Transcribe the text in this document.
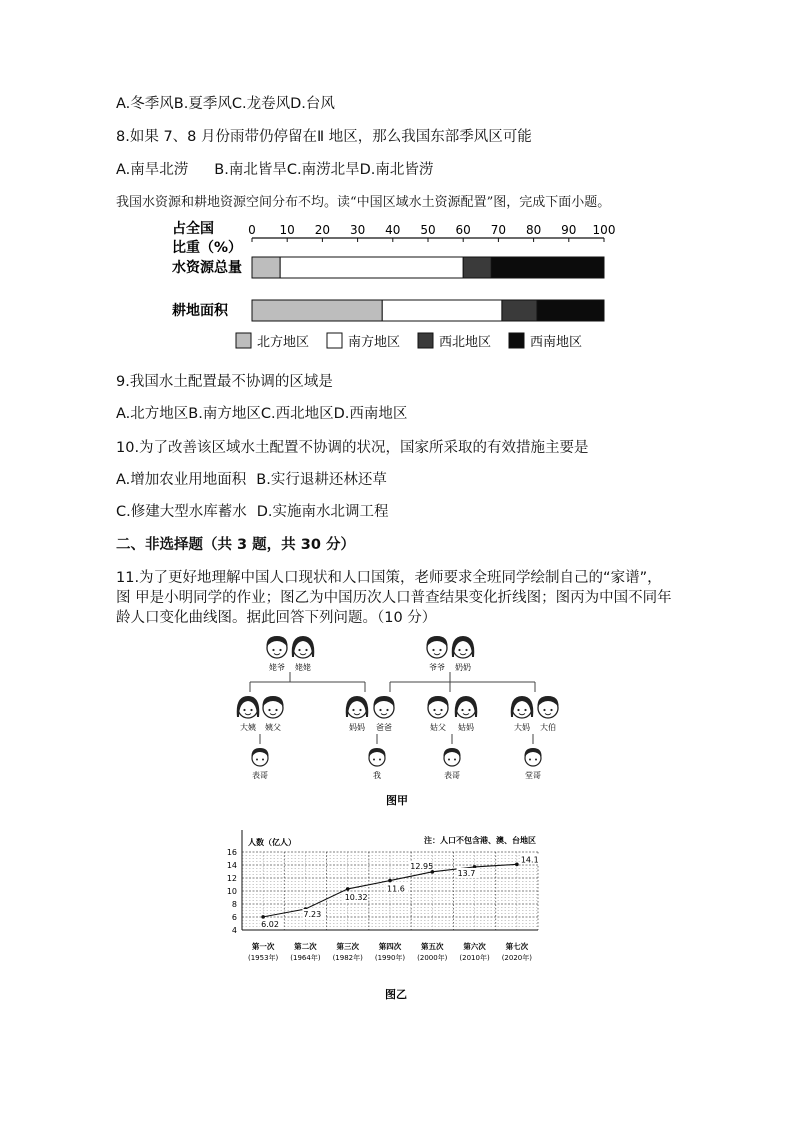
A.冬季风B.夏季风C.龙卷风D.台风
8.如果 7、8 月份雨带仍停留在Ⅱ 地区，那么我国东部季风区可能
A.南旱北涝 B.南北皆旱C.南涝北旱D.南北皆涝
我国水资源和耕地资源空间分布不均。读“中国区域水土资源配置”图，完成下面小题。
占全国
比重（%）
0 10 20 30 40 50 60 70 80 90 100
水资源总量
耕地面积
北方地区	南方地区	西北地区	西南地区
9.我国水土配置最不协调的区域是
A.北方地区B.南方地区C.西北地区D.西南地区
10.为了改善该区域水土配置不协调的状况，国家所采取的有效措施主要是
A.增加农业用地面积 B.实行退耕还林还草
C.修建大型水库蓄水 D.实施南水北调工程
二、非选择题（共 3 题，共 30 分）
11.为了更好地理解中国人口现状和人口国策，老师要求全班同学绘制自己的“家谱”，
图 甲是小明同学的作业；图乙为中国历次人口普查结果变化折线图；图丙为中国不同年
龄人口变化曲线图。据此回答下列问题。（10 分）
姥爷 姥姥	爷爷 奶奶
大姨 姨父	妈妈 爸爸	姑父 姑妈	大妈 大伯
表哥	我	表哥	堂哥
图甲
人数（亿人）	注：人口不包含港、澳、台地区
4
6
8
10
12
14
16
第一次
(1953年)
第二次
(1964年)
第三次
(1982年)
第四次
(1990年)
第五次
(2000年)
第六次
(2010年)
第七次
(2020年)
6.02
7.23
10.32
11.6
12.95
13.7
14.1
图乙
